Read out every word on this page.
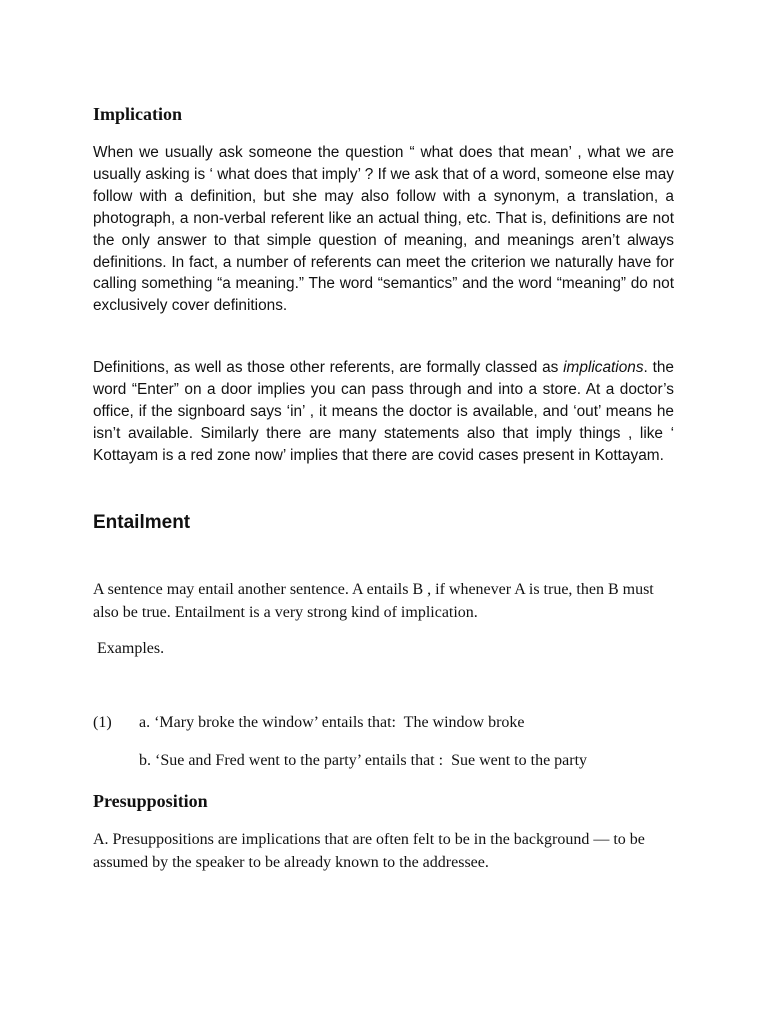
Implication

When we usually ask someone the question “ what does that mean’ , what we are usually asking is ‘ what does that imply’ ? If we ask that of a word, someone else may follow with a definition, but she may also follow with a synonym, a translation, a photograph, a non-verbal referent like an actual thing, etc. That is, definitions are not the only answer to that simple question of meaning, and meanings aren’t always definitions. In fact, a number of referents can meet the criterion we naturally have for calling something “a meaning.” The word “semantics” and the word “meaning” do not exclusively cover definitions.

Definitions, as well as those other referents, are formally classed as implications. the word “Enter” on a door implies you can pass through and into a store. At a doctor’s office, if the signboard says ‘in’ , it means the doctor is available, and ‘out’ means he isn’t available. Similarly there are many statements also that imply things , like ‘ Kottayam is a red zone now’ implies that there are covid cases present in Kottayam.

Entailment

A sentence may entail another sentence. A entails B , if whenever A is true, then B must also be true. Entailment is a very strong kind of implication.

Examples.

(1) a. ‘Mary broke the window’ entails that:  The window broke
b. ‘Sue and Fred went to the party’ entails that :  Sue went to the party
Presupposition

A. Presuppositions are implications that are often felt to be in the background — to be assumed by the speaker to be already known to the addressee.
